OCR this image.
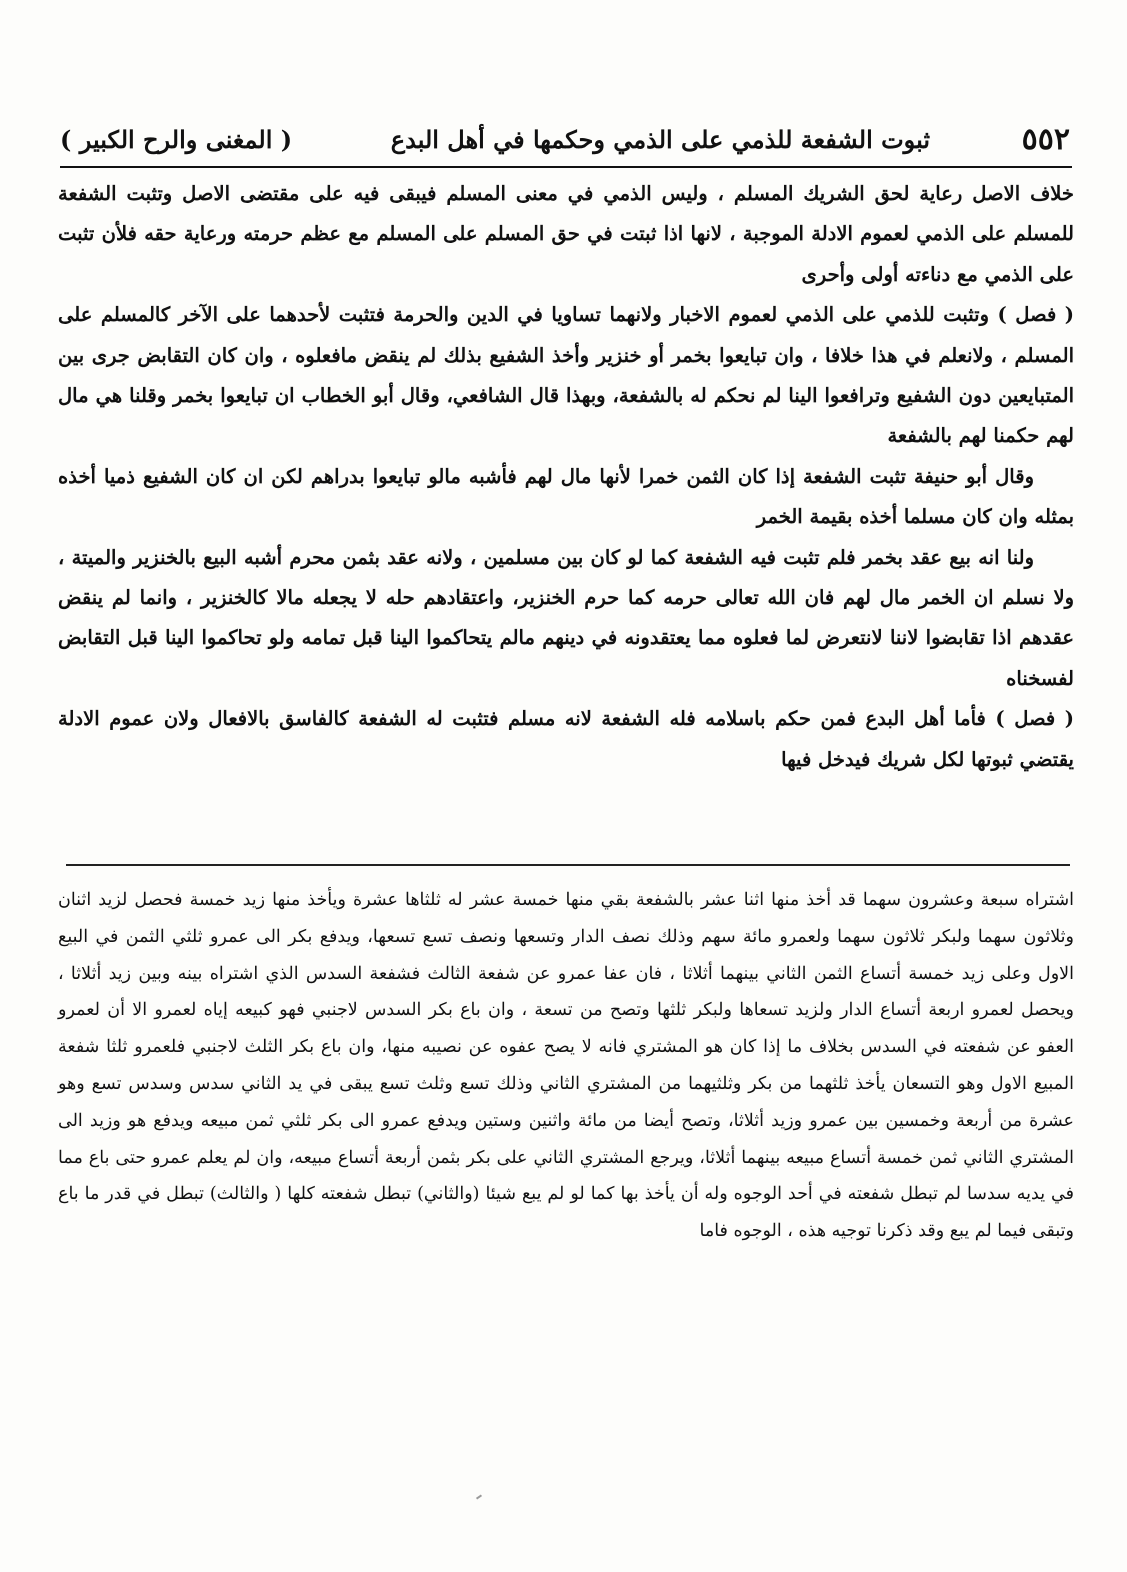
٥٥٢
ثبوت الشفعة للذمي على الذمي وحكمها في أهل البدع
( المغنى والرح الكبير )

خلاف الاصل رعاية لحق الشريك المسلم ، وليس الذمي في معنى المسلم فيبقى فيه على مقتضى الاصل وتثبت الشفعة للمسلم على الذمي لعموم الادلة الموجبة ، لانها اذا ثبتت في حق المسلم على المسلم مع عظم حرمته ورعاية حقه فلأن تثبت على الذمي مع دناءته أولى وأحرى

( فصل ) وتثبت للذمي على الذمي لعموم الاخبار ولانهما تساويا في الدين والحرمة فتثبت لأحدهما على الآخر كالمسلم على المسلم ، ولانعلم في هذا خلافا ، وان تبايعوا بخمر أو خنزير وأخذ الشفيع بذلك لم ينقض مافعلوه ، وان كان التقابض جرى بين المتبايعين دون الشفيع وترافعوا الينا لم نحكم له بالشفعة، وبهذا قال الشافعي، وقال أبو الخطاب ان تبايعوا بخمر وقلنا هي مال لهم حكمنا لهم بالشفعة

وقال أبو حنيفة تثبت الشفعة إذا كان الثمن خمرا لأنها مال لهم فأشبه مالو تبايعوا بدراهم لكن ان كان الشفيع ذميا أخذه بمثله وان كان مسلما أخذه بقيمة الخمر

ولنا انه بيع عقد بخمر فلم تثبت فيه الشفعة كما لو كان بين مسلمين ، ولانه عقد بثمن محرم أشبه البيع بالخنزير والميتة ، ولا نسلم ان الخمر مال لهم فان الله تعالى حرمه كما حرم الخنزير، واعتقادهم حله لا يجعله مالا كالخنزير ، وانما لم ينقض عقدهم اذا تقابضوا لاننا لانتعرض لما فعلوه مما يعتقدونه في دينهم مالم يتحاكموا الينا قبل تمامه ولو تحاكموا الينا قبل التقابض لفسخناه

( فصل ) فأما أهل البدع فمن حكم باسلامه فله الشفعة لانه مسلم فتثبت له الشفعة كالفاسق بالافعال ولان عموم الادلة يقتضي ثبوتها لكل شريك فيدخل فيها

اشتراه سبعة وعشرون سهما قد أخذ منها اثنا عشر بالشفعة بقي منها خمسة عشر له ثلثاها عشرة ويأخذ منها زيد خمسة فحصل لزيد اثنان وثلاثون سهما ولبكر ثلاثون سهما ولعمرو مائة سهم وذلك نصف الدار وتسعها ونصف تسع تسعها، ويدفع بكر الى عمرو ثلثي الثمن في البيع الاول وعلى زيد خمسة أتساع الثمن الثاني بينهما أثلاثا ، فان عفا عمرو عن شفعة الثالث فشفعة السدس الذي اشتراه بينه وبين زيد أثلاثا ، ويحصل لعمرو اربعة أتساع الدار ولزيد تسعاها ولبكر ثلثها وتصح من تسعة ، وان باع بكر السدس لاجنبي فهو كبيعه إياه لعمرو الا أن لعمرو العفو عن شفعته في السدس بخلاف ما إذا كان هو المشتري فانه لا يصح عفوه عن نصيبه منها، وان باع بكر الثلث لاجنبي فلعمرو ثلثا شفعة المبيع الاول وهو التسعان يأخذ ثلثهما من بكر وثلثيهما من المشتري الثاني وذلك تسع وثلث تسع يبقى في يد الثاني سدس وسدس تسع وهو عشرة من أربعة وخمسين بين عمرو وزيد أثلاثا، وتصح أيضا من مائة واثنين وستين ويدفع عمرو الى بكر ثلثي ثمن مبيعه ويدفع هو وزيد الى المشتري الثاني ثمن خمسة أتساع مبيعه بينهما أثلاثا، ويرجع المشتري الثاني على بكر بثمن أربعة أتساع مبيعه، وان لم يعلم عمرو حتى باع مما في يديه سدسا لم تبطل شفعته في أحد الوجوه وله أن يأخذ بها كما لو لم يبع شيئا (والثاني) تبطل شفعته كلها ( والثالث) تبطل في قدر ما باع وتبقى فيما لم يبع وقد ذكرنا توجيه هذه ، الوجوه فاما
